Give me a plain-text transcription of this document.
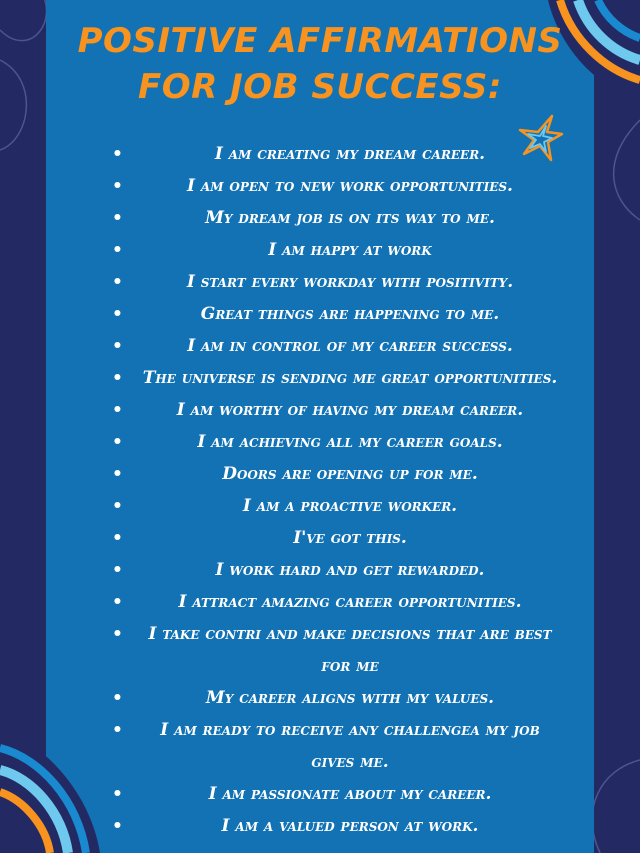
POSITIVE AFFIRMATIONS
FOR JOB SUCCESS:
•	I am creating my dream career.
•	I am open to new work opportunities.
•	My dream job is on its way to me.
•	I am happy at work
•	I start every workday with positivity.
•	Great things are happening to me.
•	I am in control of my career success.
•	The universe is sending me great opportunities.
•	I am worthy of having my dream career.
•	I am achieving all my career goals.
•	Doors are opening up for me.
•	I am a proactive worker.
•	I've got this.
•	I work hard and get rewarded.
•	I attract amazing career opportunities.
•	I take contri and make decisions that are best for me
•	My career aligns with my values.
•	I am ready to receive any challengea my job gives me.
•	I am passionate about my career.
•	I am a valued person at work.
